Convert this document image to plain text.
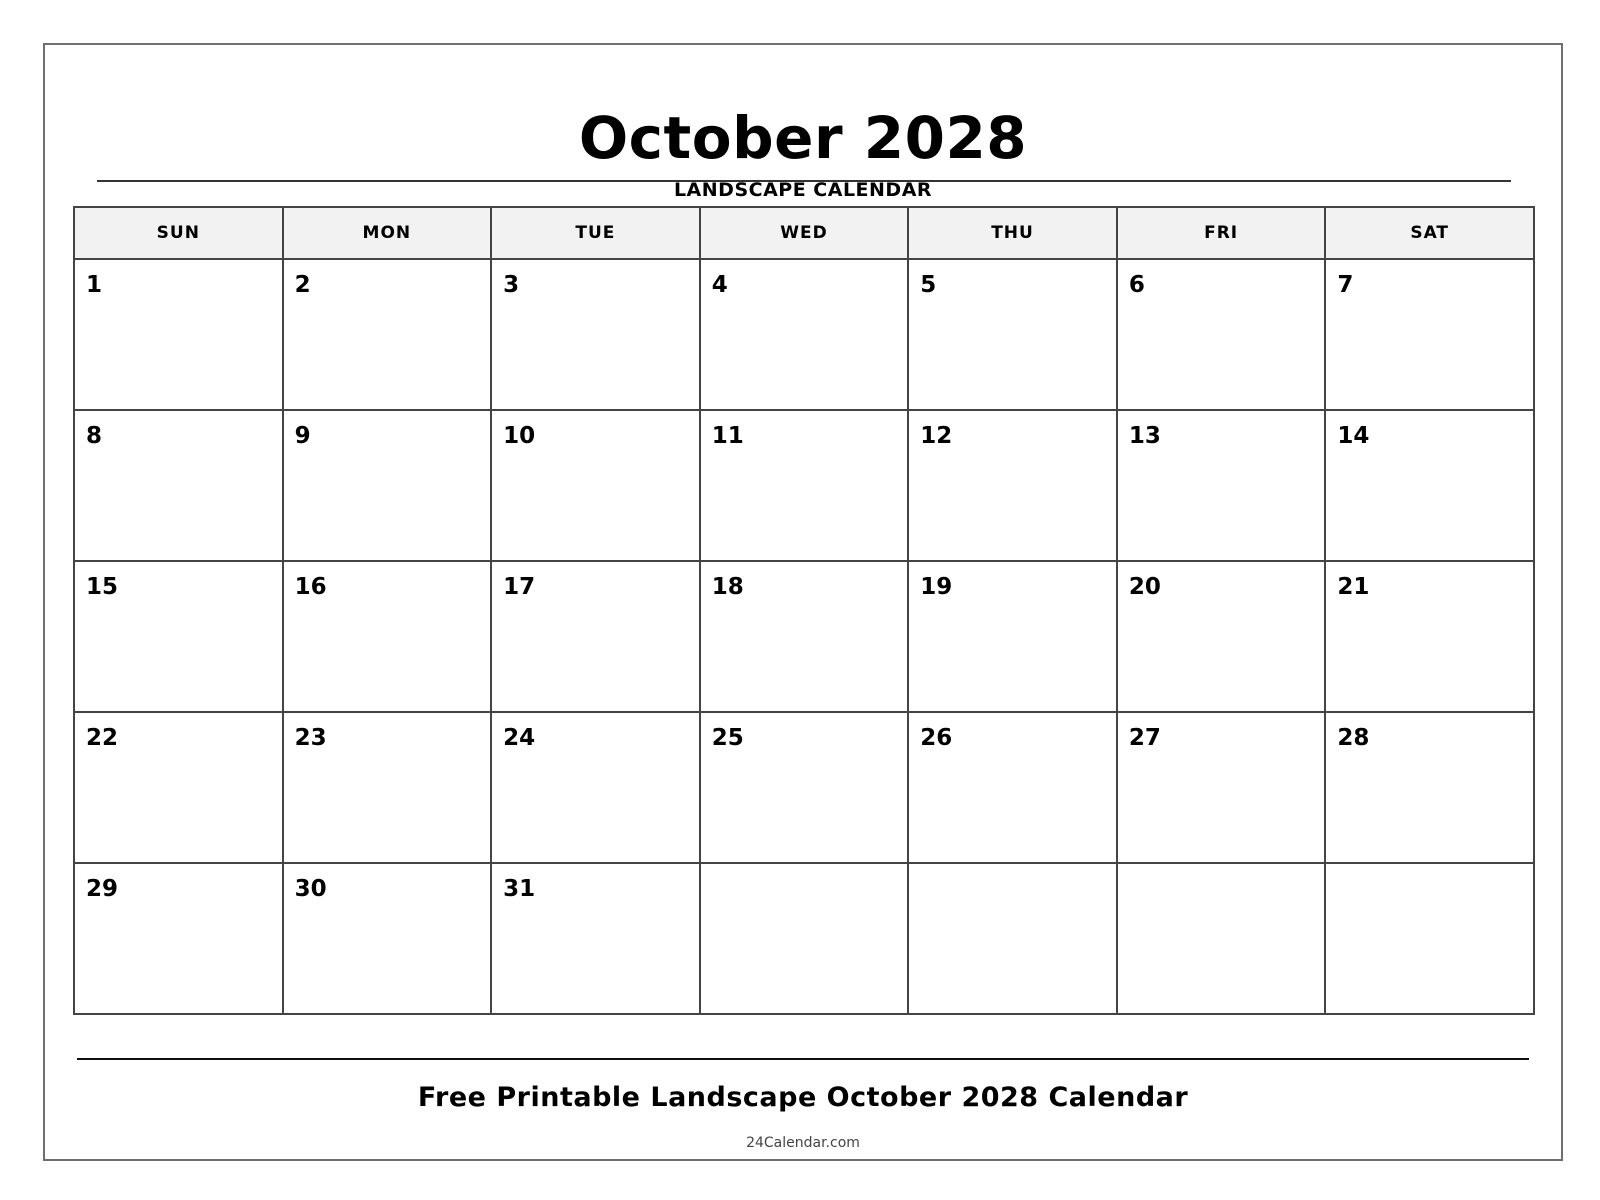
October 2028
LANDSCAPE CALENDAR
SUN	MON	TUE	WED	THU	FRI	SAT

1	2	3	4	5	6	7

8	9	10	11	12	13	14

15	16	17	18	19	20	21

22	23	24	25	26	27	28

29	30	31				

Free Printable Landscape October 2028 Calendar
24Calendar.com
